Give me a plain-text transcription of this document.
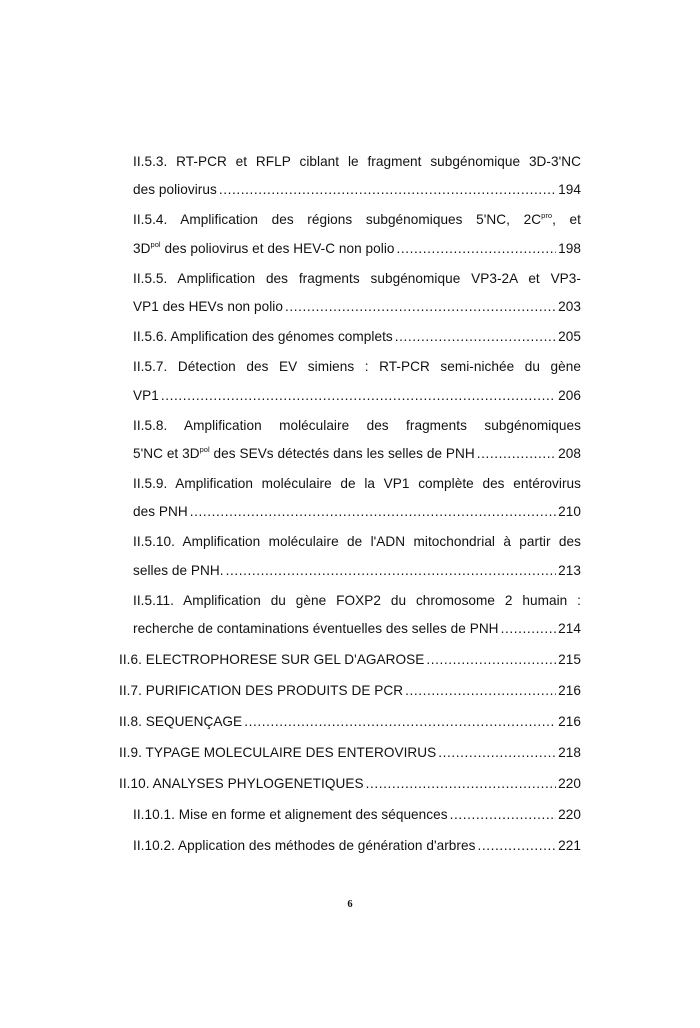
II.5.3. RT-PCR et RFLP ciblant le fragment subgénomique 3D-3'NC
des poliovirus .....	194
II.5.4. Amplification des régions subgénomiques 5'NC, $2C^{pro}$, et
$3D^{pol}$ des poliovirus et des HEV-C non polio .....	198
II.5.5. Amplification des fragments subgénomique VP3-2A et VP3-
VP1 des HEVs non polio .....	203
II.5.6. Amplification des génomes complets .....	205
II.5.7. Détection des EV simiens : RT-PCR semi-nichée du gène
VP1 .....	206
II.5.8. Amplification moléculaire des fragments subgénomiques
5'NC et $3D^{pol}$ des SEVs détectés dans les selles de PNH .....	208
II.5.9. Amplification moléculaire de la VP1 complète des entérovirus
des PNH .....	210
II.5.10. Amplification moléculaire de l'ADN mitochondrial à partir des
selles de PNH. .....	213
II.5.11. Amplification du gène FOXP2 du chromosome 2 humain :
recherche de contaminations éventuelles des selles de PNH .....	214
II.6. ELECTROPHORESE SUR GEL D'AGAROSE .....	215
II.7. PURIFICATION DES PRODUITS DE PCR .....	216
II.8. SEQUENÇAGE .....	216
II.9. TYPAGE MOLECULAIRE DES ENTEROVIRUS .....	218
II.10. ANALYSES PHYLOGENETIQUES .....	220
II.10.1. Mise en forme et alignement des séquences .....	220
II.10.2. Application des méthodes de génération d'arbres .....	221
6
